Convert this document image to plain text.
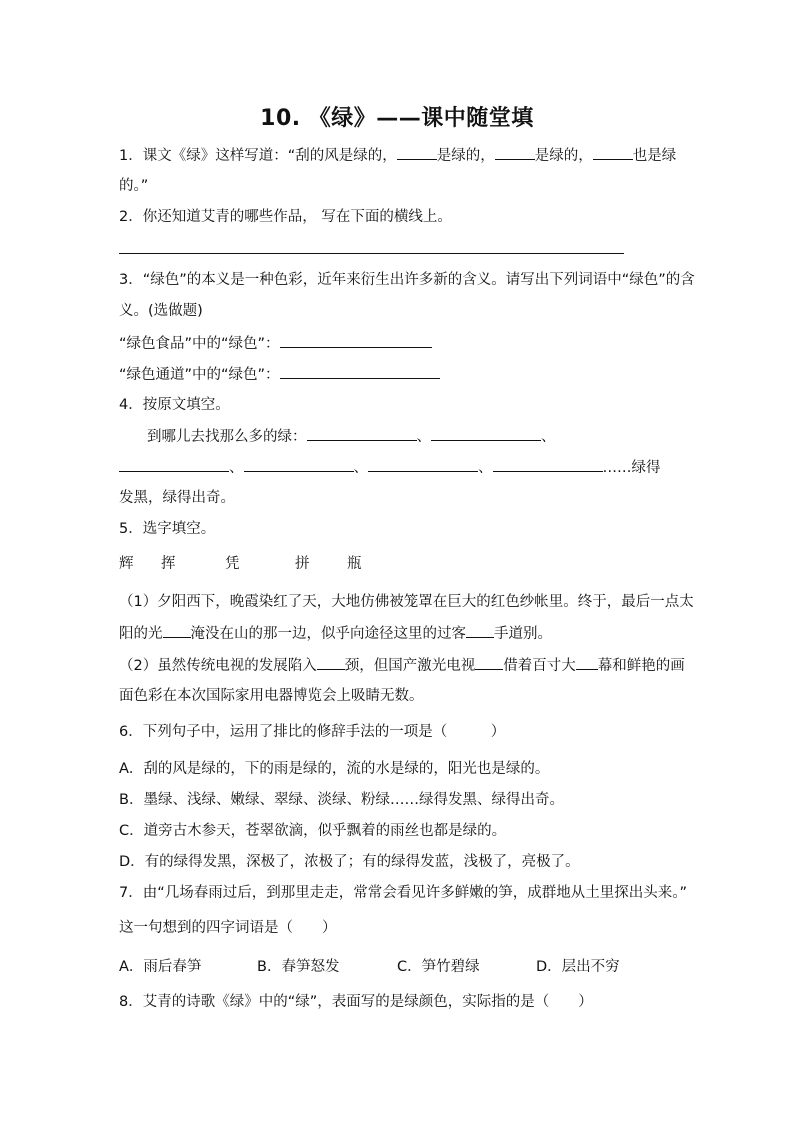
10. 《绿》——课中随堂填
1．课文《绿》这样写道：“刮的风是绿的，	是绿的，	是绿的，	也是绿
的。”
2．你还知道艾青的哪些作品， 写在下面的横线上。
3．“绿色”的本义是一种色彩，近年来衍生出许多新的含义。请写出下列词语中“绿色”的含
义。(选做题)
“绿色食品”中的“绿色”：
“绿色通道”中的“绿色”：
4．按原文填空。
到哪儿去找那么多的绿：	、	、
、	、	、	……绿得
发黑，绿得出奇。
5．选字填空。
辉 挥	凭	拼	瓶
（1）夕阳西下，晚霞染红了天，大地仿佛被笼罩在巨大的红色纱帐里。终于，最后一点太
阳的光 淹没在山的那一边，似乎向途径这里的过客 手道别。
（2）虽然传统电视的发展陷入 颈，但国产激光电视 借着百寸大 幕和鲜艳的画
面色彩在本次国际家用电器博览会上吸睛无数。
6．下列句子中，运用了排比的修辞手法的一项是（　　　）
A．刮的风是绿的，下的雨是绿的，流的水是绿的，阳光也是绿的。
B．墨绿、浅绿、嫩绿、翠绿、淡绿、粉绿……绿得发黑、绿得出奇。
C．道旁古木参天，苍翠欲滴，似乎飘着的雨丝也都是绿的。
D．有的绿得发黑，深极了，浓极了；有的绿得发蓝，浅极了，亮极了。
7．由“几场春雨过后，到那里走走，常常会看见许多鲜嫩的笋，成群地从土里探出头来。”
这一句想到的四字词语是（　　）
A．雨后春笋	B．春笋怒发	C．笋竹碧绿	D．层出不穷
8．艾青的诗歌《绿》中的“绿”，表面写的是绿颜色，实际指的是（　　）
